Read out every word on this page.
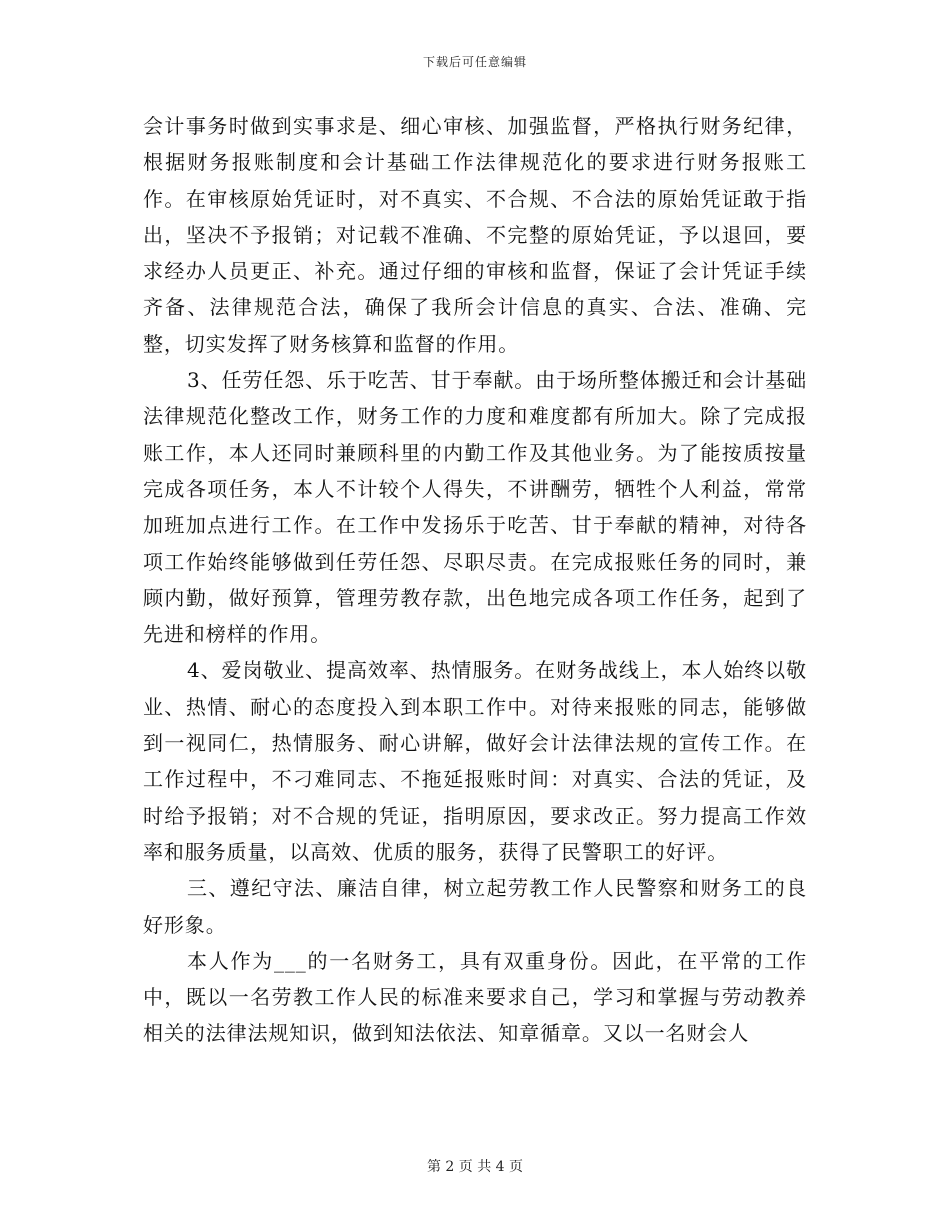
下载后可任意编辑

会计事务时做到实事求是、细心审核、加强监督，严格执行财务纪律，根据财务报账制度和会计基础工作法律规范化的要求进行财务报账工作。在审核原始凭证时，对不真实、不合规、不合法的原始凭证敢于指出，坚决不予报销；对记载不准确、不完整的原始凭证，予以退回，要求经办人员更正、补充。通过仔细的审核和监督，保证了会计凭证手续齐备、法律规范合法，确保了我所会计信息的真实、合法、准确、完整，切实发挥了财务核算和监督的作用。

3、任劳任怨、乐于吃苦、甘于奉献。由于场所整体搬迁和会计基础法律规范化整改工作，财务工作的力度和难度都有所加大。除了完成报账工作，本人还同时兼顾科里的内勤工作及其他业务。为了能按质按量完成各项任务，本人不计较个人得失，不讲酬劳，牺牲个人利益，常常加班加点进行工作。在工作中发扬乐于吃苦、甘于奉献的精神，对待各项工作始终能够做到任劳任怨、尽职尽责。在完成报账任务的同时，兼顾内勤，做好预算，管理劳教存款，出色地完成各项工作任务，起到了先进和榜样的作用。

4、爱岗敬业、提高效率、热情服务。在财务战线上，本人始终以敬业、热情、耐心的态度投入到本职工作中。对待来报账的同志，能够做到一视同仁，热情服务、耐心讲解，做好会计法律法规的宣传工作。在工作过程中，不刁难同志、不拖延报账时间：对真实、合法的凭证，及时给予报销；对不合规的凭证，指明原因，要求改正。努力提高工作效率和服务质量，以高效、优质的服务，获得了民警职工的好评。

三、遵纪守法、廉洁自律，树立起劳教工作人民警察和财务工的良好形象。

本人作为___的一名财务工，具有双重身份。因此，在平常的工作中，既以一名劳教工作人民的标准来要求自己，学习和掌握与劳动教养相关的法律法规知识，做到知法依法、知章循章。又以一名财会人

第 2 页 共 4 页
